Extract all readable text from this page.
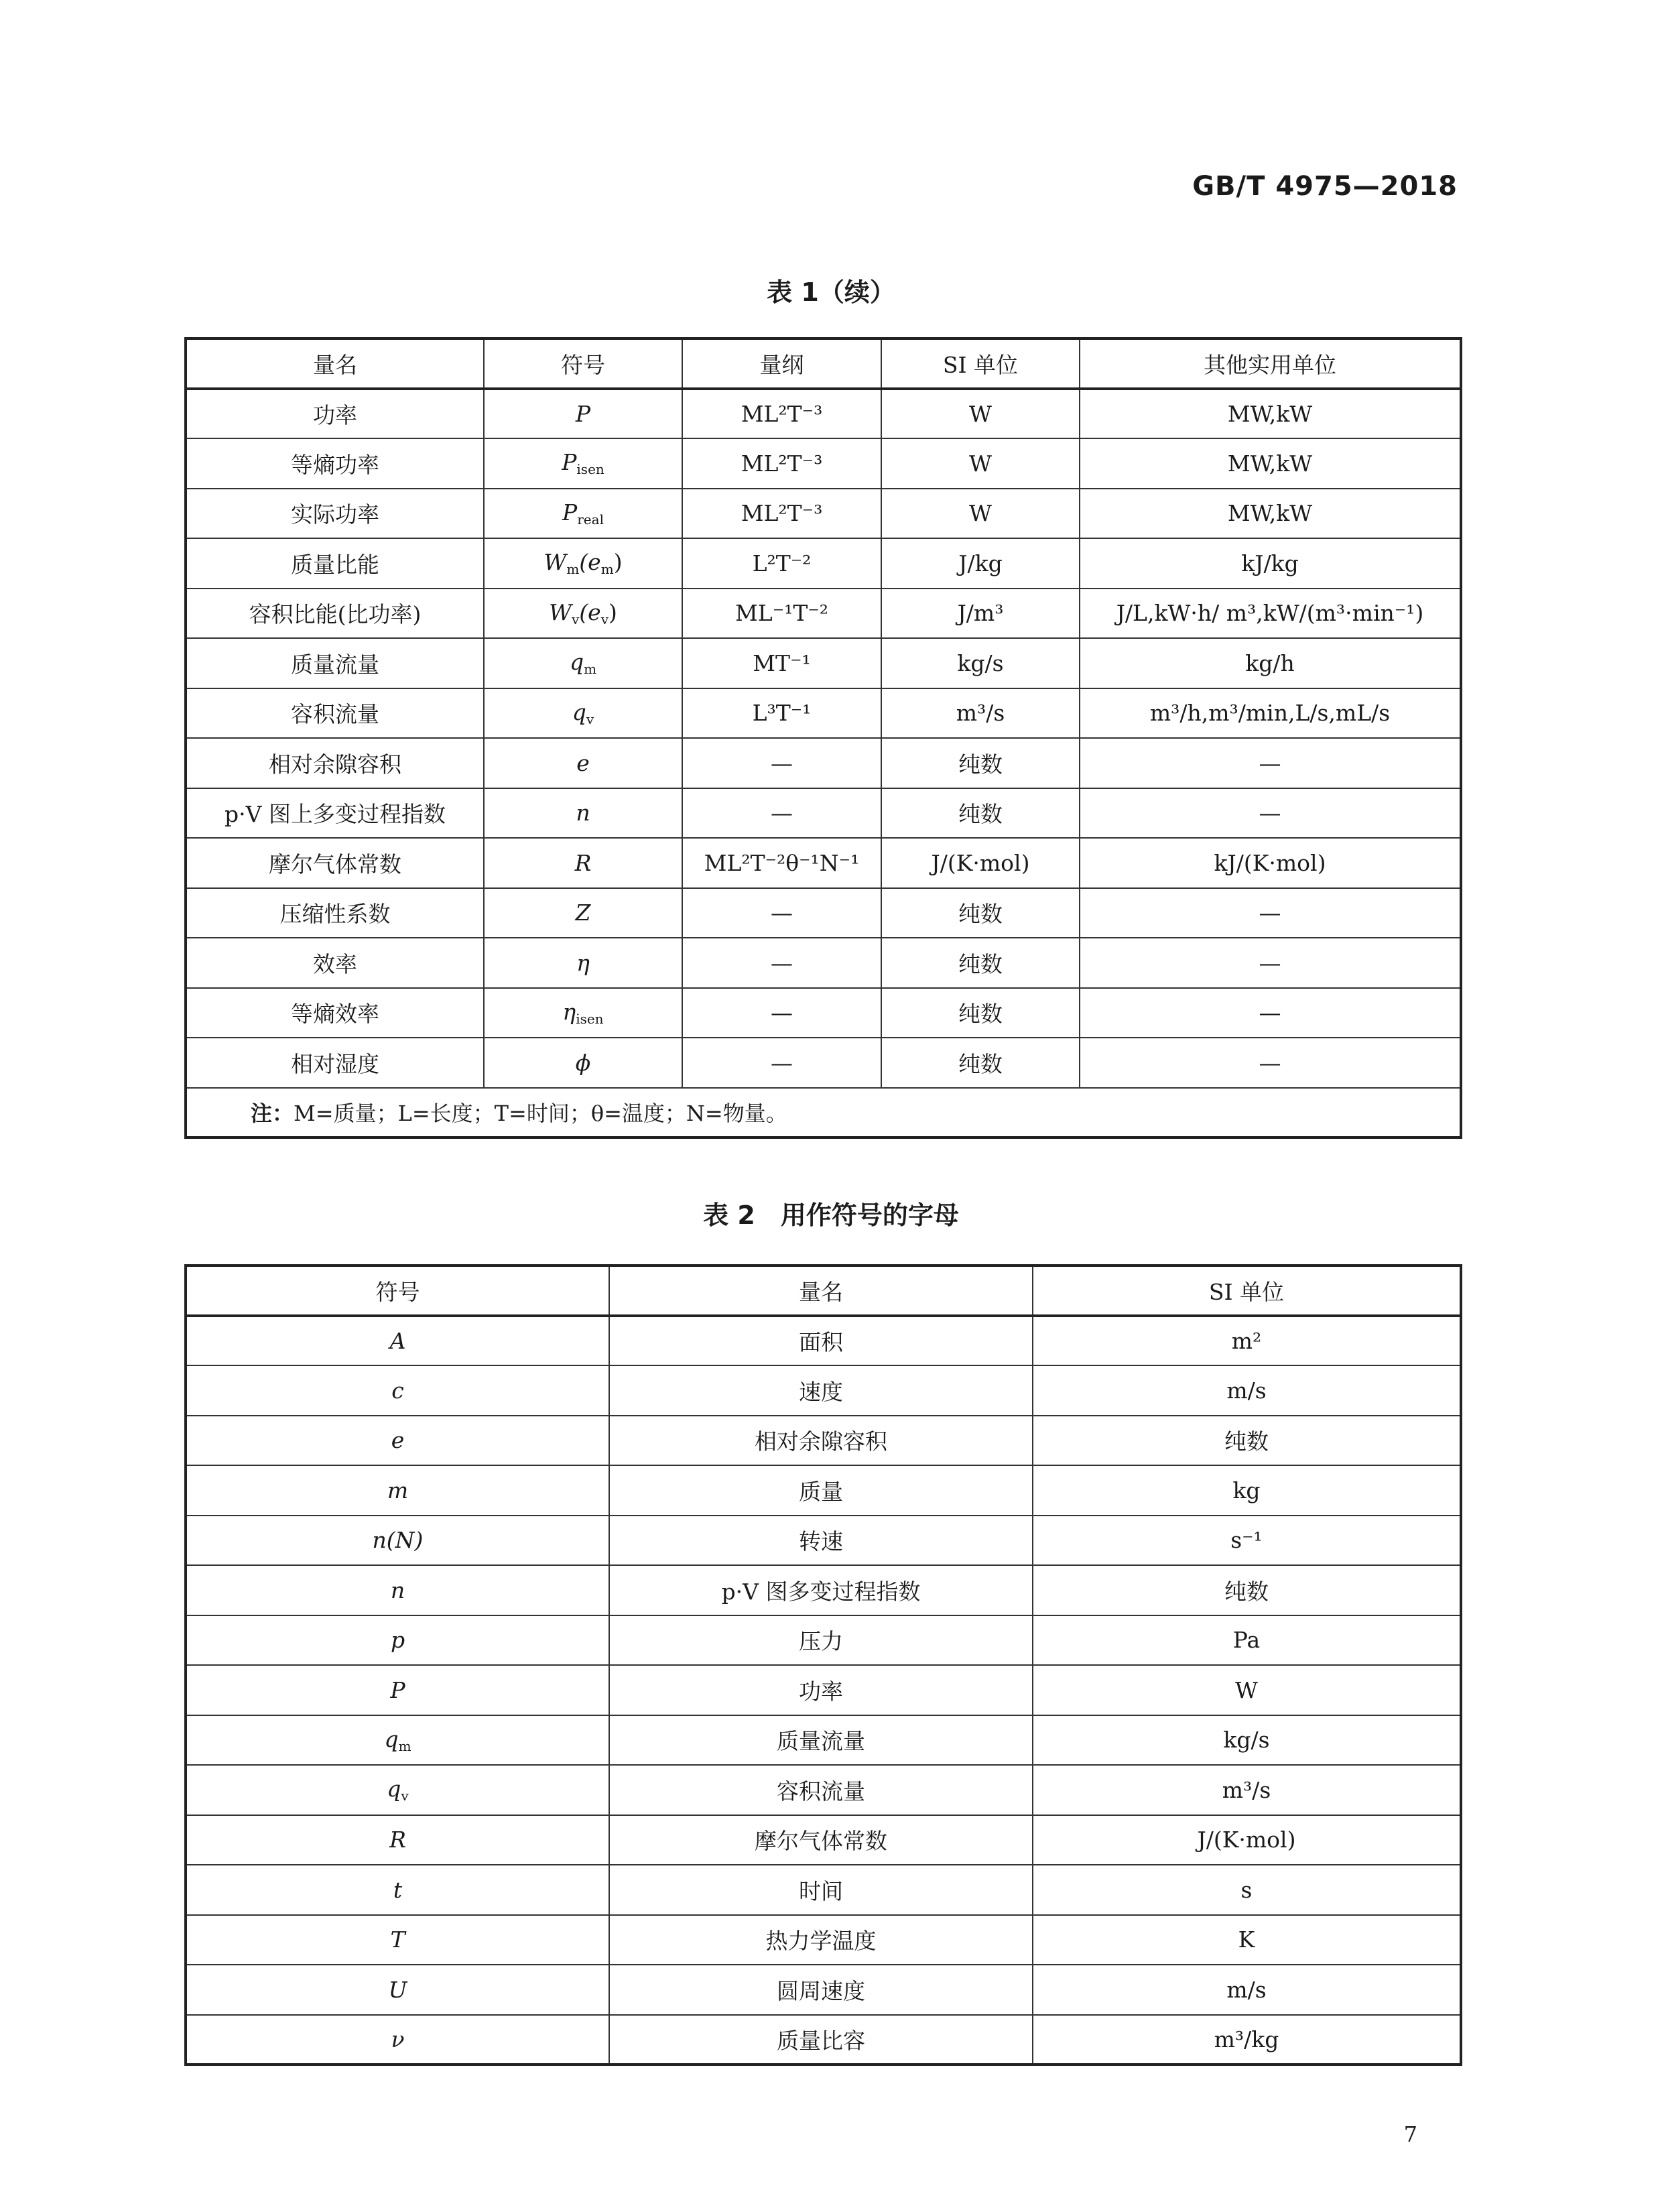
GB/T 4975—2018
表 1（续）
量名	符号	量纲	SI 单位	其他实用单位
功率	P	ML²T⁻³	W	MW,kW
等熵功率	$P_{isen}$	ML²T⁻³	W	MW,kW
实际功率	$P_{real}$	ML²T⁻³	W	MW,kW
质量比能	$W_m(e_m)$	L²T⁻²	J/kg	kJ/kg
容积比能(比功率)	$W_v(e_v)$	ML⁻¹T⁻²	J/m³	J/L,kW·h/ m³,kW/(m³·min⁻¹)
质量流量	$q_m$	MT⁻¹	kg/s	kg/h
容积流量	$q_v$	L³T⁻¹	m³/s	m³/h,m³/min,L/s,mL/s
相对余隙容积	e	—	纯数	—
p·V 图上多变过程指数	n	—	纯数	—
摩尔气体常数	R	ML²T⁻²θ⁻¹N⁻¹	J/(K·mol)	kJ/(K·mol)
压缩性系数	Z	—	纯数	—
效率	η	—	纯数	—
等熵效率	$\eta_{isen}$	—	纯数	—
相对湿度	ϕ	—	纯数	—
注：M=质量；L=长度；T=时间；θ=温度；N=物量。				
表 2　用作符号的字母
符号	量名	SI 单位
A	面积	m²
c	速度	m/s
e	相对余隙容积	纯数
m	质量	kg
n(N)	转速	s⁻¹
n	p·V 图多变过程指数	纯数
p	压力	Pa
P	功率	W
$q_m$	质量流量	kg/s
$q_v$	容积流量	m³/s
R	摩尔气体常数	J/(K·mol)
t	时间	s
T	热力学温度	K
U	圆周速度	m/s
ν	质量比容	m³/kg
7
